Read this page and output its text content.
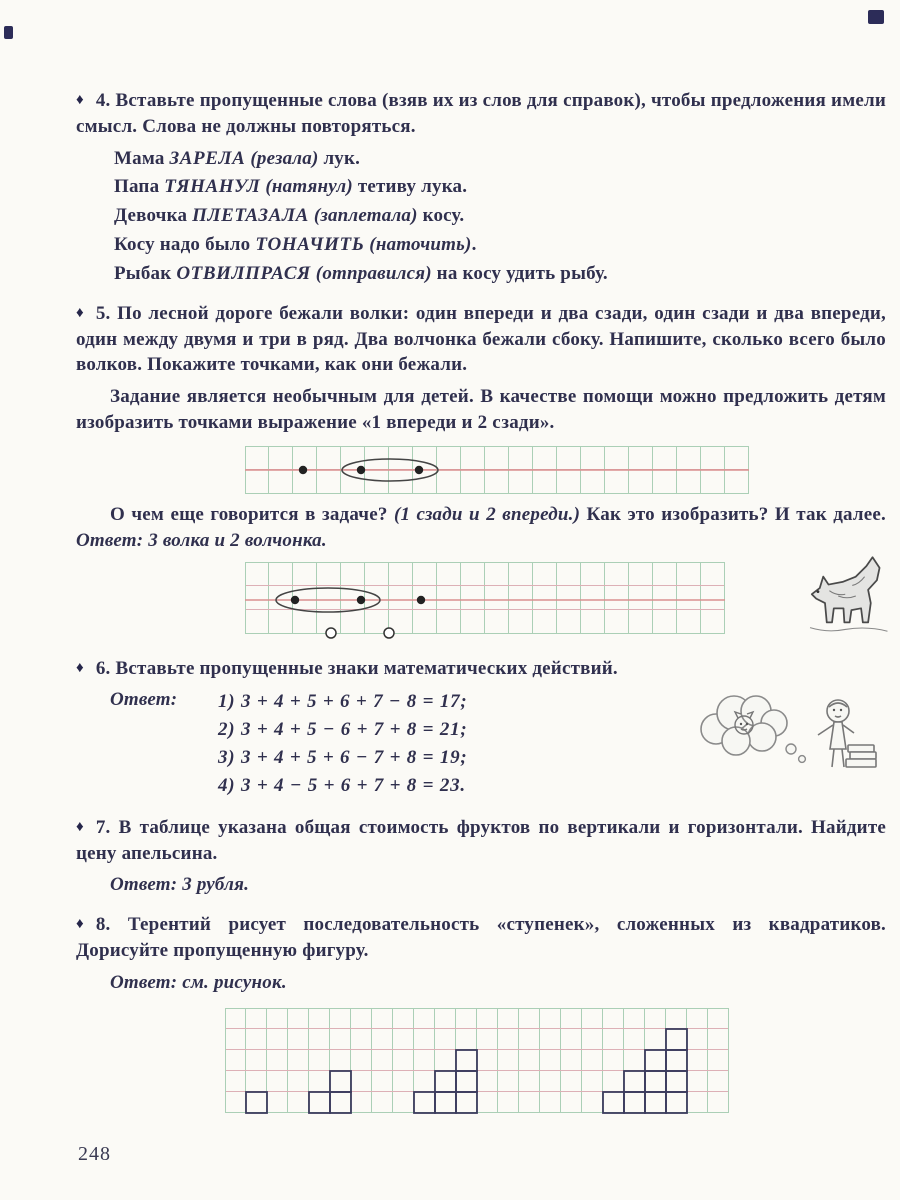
♦ 4. Вставьте пропущенные слова (взяв их из слов для справок), чтобы предложения имели смысл. Слова не должны повторяться.

Мама ЗАРЕЛА (резала) лук.

Папа ТЯНАНУЛ (натянул) тетиву лука.

Девочка ПЛЕТАЗАЛА (заплетала) косу.

Косу надо было ТОНАЧИТЬ (наточить).

Рыбак ОТВИЛПРАСЯ (отправился) на косу удить рыбу.

♦ 5. По лесной дороге бежали волки: один впереди и два сзади, один сзади и два впереди, один между двумя и три в ряд. Два волчонка бежали сбоку. Напишите, сколько всего было волков. Покажите точками, как они бежали.

Задание является необычным для детей. В качестве помощи можно предложить детям изобразить точками выражение «1 впереди и 2 сзади».

О чем еще говорится в задаче? (1 сзади и 2 впереди.) Как это изобразить? И так далее. Ответ: 3 волка и 2 волчонка.

♦ 6. Вставьте пропущенные знаки математических действий.

Ответ:	1) 3 + 4 + 5 + 6 + 7 − 8 = 17;
2) 3 + 4 + 5 − 6 + 7 + 8 = 21;
3) 3 + 4 + 5 + 6 − 7 + 8 = 19;
4) 3 + 4 − 5 + 6 + 7 + 8 = 23.

♦ 7. В таблице указана общая стоимость фруктов по вертикали и горизонтали. Найдите цену апельсина.

Ответ: 3 рубля.

♦ 8. Терентий рисует последовательность «ступенек», сложенных из квадратиков. Дорисуйте пропущенную фигуру.

Ответ: см. рисунок.

248
